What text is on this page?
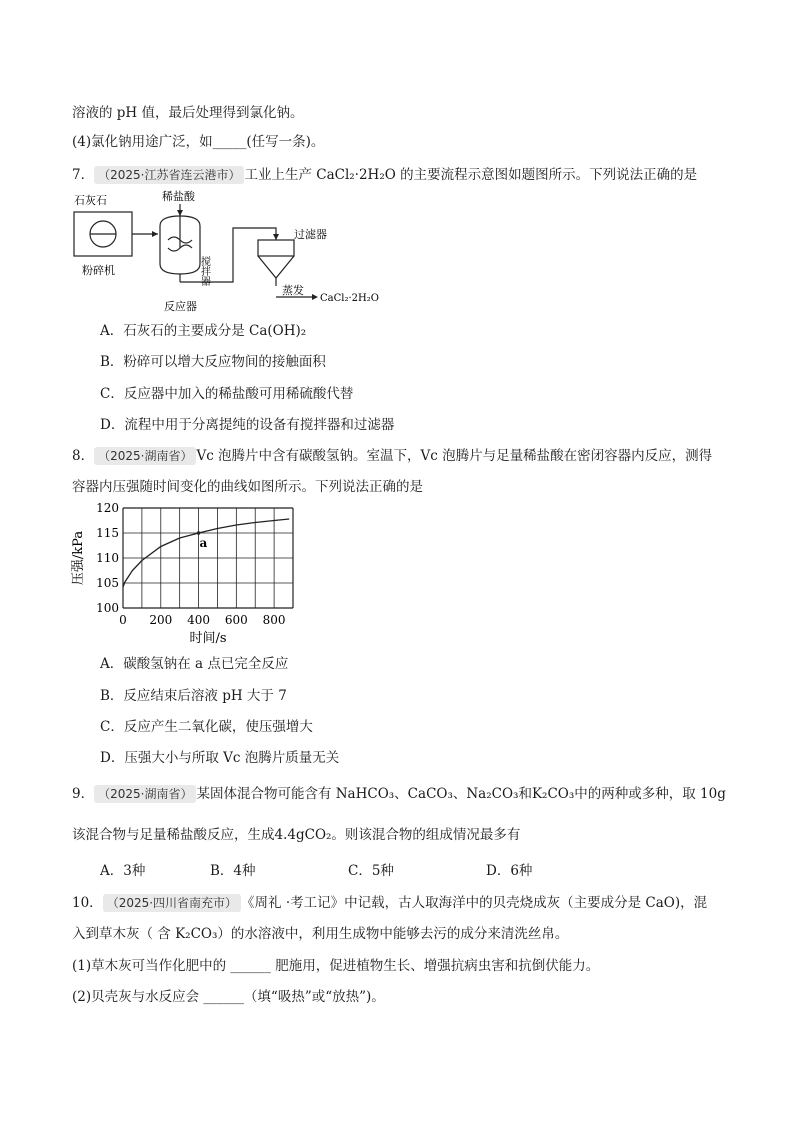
溶液的 pH 值，最后处理得到氯化钠。
(4)氯化钠用途广泛，如_____(任写一条)。
7． （2025·江苏省连云港市） 工业上生产 CaCl₂·2H₂O 的主要流程示意图如题图所示。下列说法正确的是
石灰石
粉碎机
稀盐酸
反应器
搅拌器
过滤器
蒸发
CaCl₂·2H₂O
A．石灰石的主要成分是 Ca(OH)₂
B．粉碎可以增大反应物间的接触面积
C．反应器中加入的稀盐酸可用稀硫酸代替
D．流程中用于分离提纯的设备有搅拌器和过滤器
8． （2025·湖南省） Vc 泡腾片中含有碳酸氢钠。室温下，Vc 泡腾片与足量稀盐酸在密闭容器内反应，测得
容器内压强随时间变化的曲线如图所示。下列说法正确的是
0 200 400 600 800
100
105
110
115
120
a
时间/s
压强/kPa
A．碳酸氢钠在 a 点已完全反应
B．反应结束后溶液 pH 大于 7
C．反应产生二氧化碳，使压强增大
D．压强大小与所取 Vc 泡腾片质量无关
9． （2025·湖南省） 某固体混合物可能含有 NaHCO₃、CaCO₃、Na₂CO₃和K₂CO₃中的两种或多种，取 10g
该混合物与足量稀盐酸反应，生成4.4gCO₂。则该混合物的组成情况最多有
A．3种	B．4种	C．5种	D．6种
10． （2025·四川省南充市） 《周礼 ·考工记》中记载，古人取海洋中的贝壳烧成灰（主要成分是 CaO)，混
入到草木灰（ 含 K₂CO₃）的水溶液中，利用生成物中能够去污的成分来清洗丝帛。
(1)草木灰可当作化肥中的 ______ 肥施用，促进植物生长、增强抗病虫害和抗倒伏能力。
(2)贝壳灰与水反应会 ______（填“吸热”或“放热”)。
